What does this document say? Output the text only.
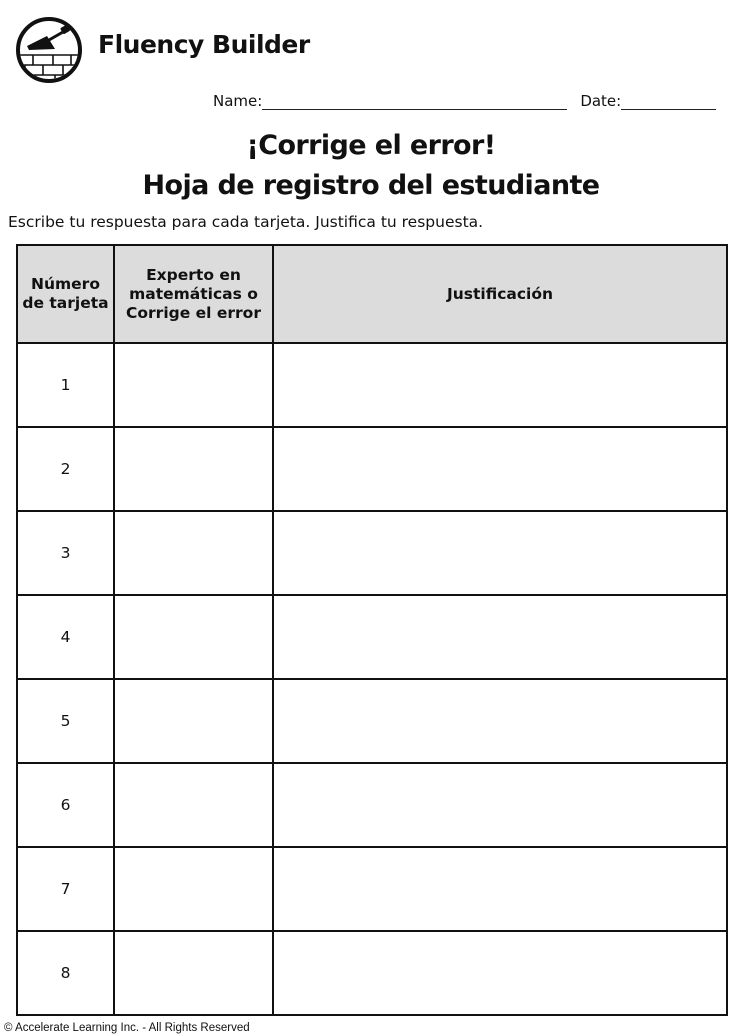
Fluency Builder
Name:	Date:
¡Corrige el error!
Hoja de registro del estudiante
Escribe tu respuesta para cada tarjeta. Justifica tu respuesta.
Número de tarjeta	Experto en matemáticas o Corrige el error	Justificación
1		
2		
3		
4		
5		
6		
7		
8		
© Accelerate Learning Inc. - All Rights Reserved
